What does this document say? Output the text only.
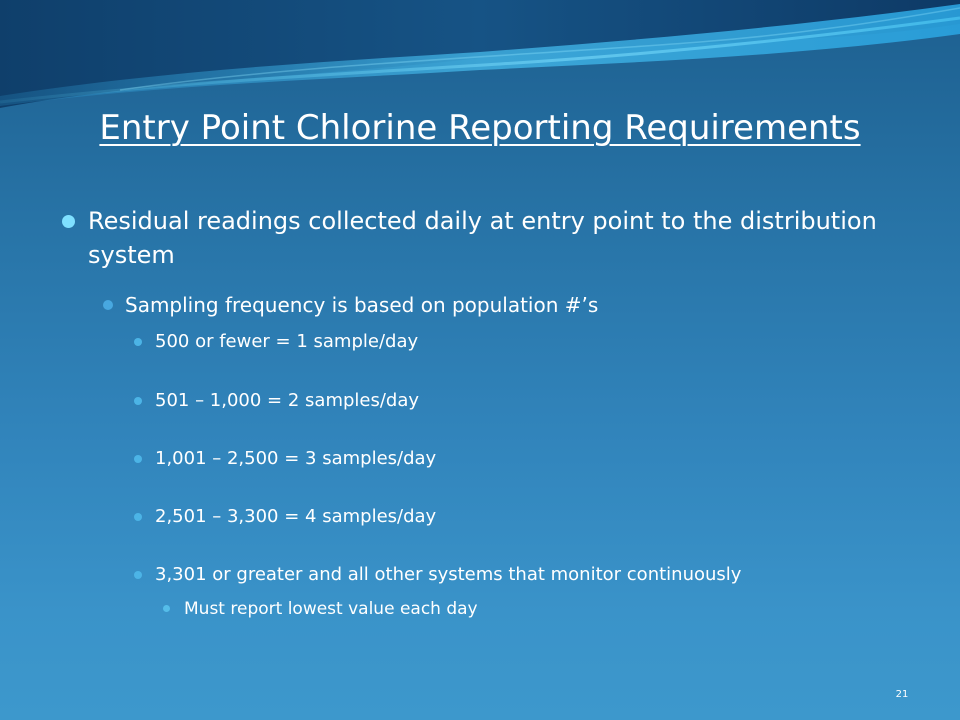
Entry Point Chlorine Reporting Requirements
Residual readings collected daily at entry point to the distribution system
Sampling frequency is based on population #’s
500 or fewer = 1 sample/day
501 – 1,000 = 2 samples/day
1,001 – 2,500 = 3 samples/day
2,501 – 3,300 = 4 samples/day
3,301 or greater and all other systems that monitor continuously
Must report lowest value each day
21
